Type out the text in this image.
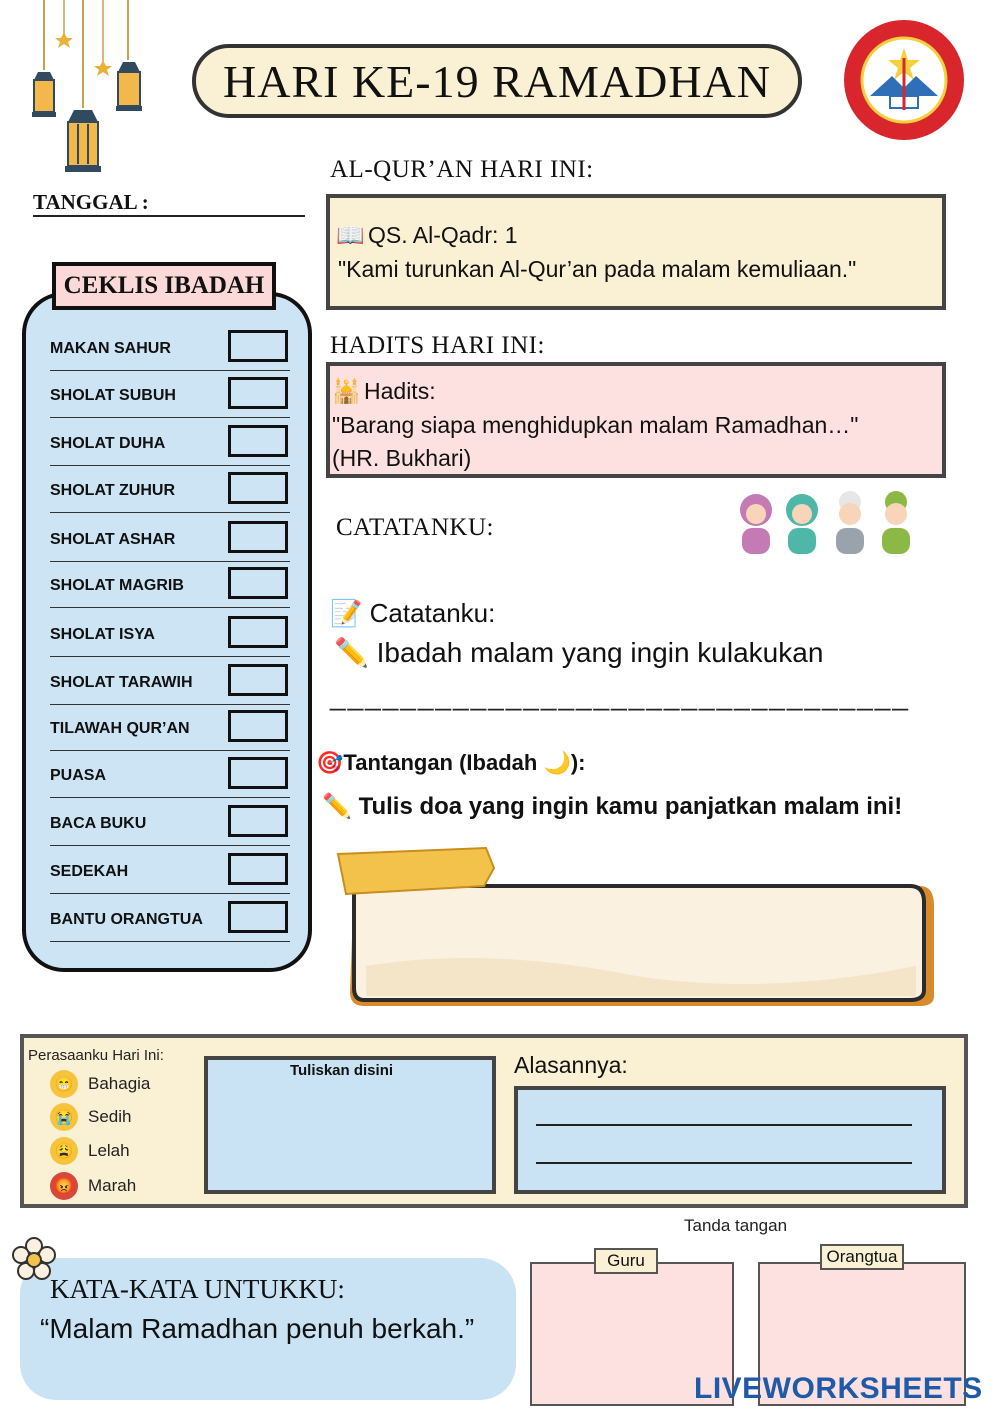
HARI KE-19 RAMADHAN
TANGGAL :
CEKLIS IBADAH
MAKAN SAHUR
SHOLAT SUBUH
SHOLAT DUHA
SHOLAT ZUHUR
SHOLAT ASHAR
SHOLAT MAGRIB
SHOLAT ISYA
SHOLAT TARAWIH
TILAWAH QUR’AN
PUASA
BACA BUKU
SEDEKAH
BANTU ORANGTUA
AL-QUR’AN HARI INI:
📖 QS. Al-Qadr: 1
"Kami turunkan Al-Qur’an pada malam kemuliaan."
HADITS HARI INI:
🕌 Hadits:
"Barang siapa menghidupkan malam Ramadhan…"
(HR. Bukhari)
CATATANKU:
📝 Catatanku:
✏️ Ibadah malam yang ingin kulakukan
_________________________________
🎯Tantangan (Ibadah 🌙):
✏️ Tulis doa yang ingin kamu panjatkan malam ini!
Perasaanku Hari Ini:
😁 Bahagia
😭 Sedih
😩 Lelah
😡 Marah
Tuliskan disini	Alasannya:
KATA-KATA UNTUKKU:
“Malam Ramadhan penuh berkah.”
Tanda tangan
Guru	Orangtua
LIVEWORKSHEETS
